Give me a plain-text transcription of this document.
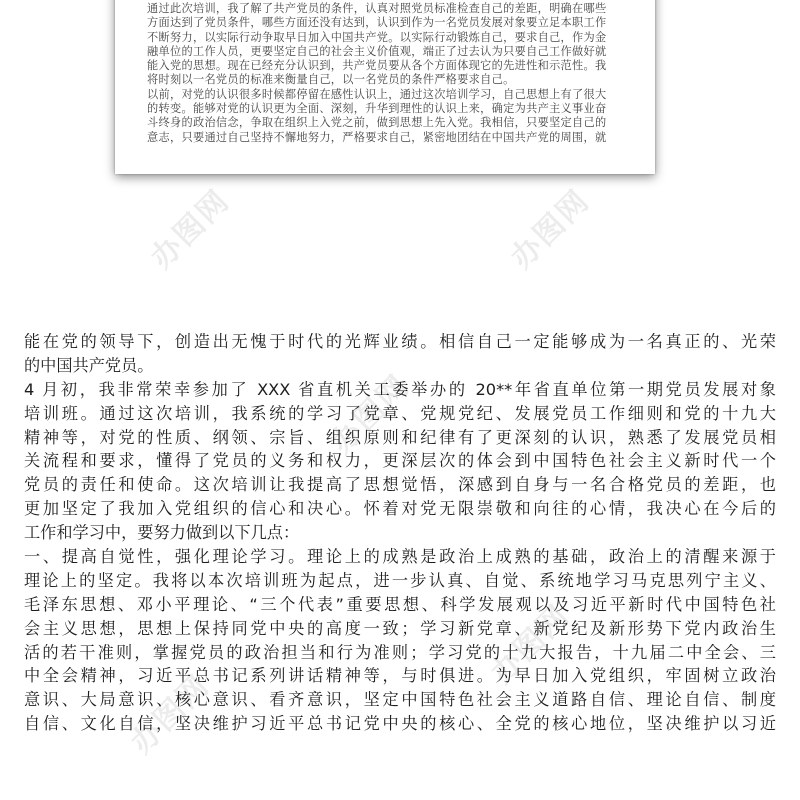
通过此次培训，我了解了共产党员的条件，认真对照党员标准检查自己的差距，明确在哪些
方面达到了党员条件，哪些方面还没有达到，认识到作为一名党员发展对象要立足本职工作
不断努力，以实际行动争取早日加入中国共产党。以实际行动锻炼自己，要求自己，作为金
融单位的工作人员，更要坚定自己的社会主义价值观，端正了过去认为只要自己工作做好就
能入党的思想。现在已经充分认识到，共产党员要从各个方面体现它的先进性和示范性。我
将时刻以一名党员的标准来衡量自己，以一名党员的条件严格要求自己。
以前，对党的认识很多时候都停留在感性认识上，通过这次培训学习，自己思想上有了很大
的转变。能够对党的认识更为全面、深刻，升华到理性的认识上来，确定为共产主义事业奋
斗终身的政治信念，争取在组织上入党之前，做到思想上先入党。我相信，只要坚定自己的
意志，只要通过自己坚持不懈地努力，严格要求自己，紧密地团结在中国共产党的周围，就
办图网	办图网
办图网
办图网
办图网
能在党的领导下，创造出无愧于时代的光辉业绩。相信自己一定能够成为一名真正的、光荣
的中国共产党员。
4 月初，我非常荣幸参加了 XXX 省直机关工委举办的 20**年省直单位第一期党员发展对象
培训班。通过这次培训，我系统的学习了党章、党规党纪、发展党员工作细则和党的十九大
精神等，对党的性质、纲领、宗旨、组织原则和纪律有了更深刻的认识，熟悉了发展党员相
关流程和要求，懂得了党员的义务和权力，更深层次的体会到中国特色社会主义新时代一个
党员的责任和使命。这次培训让我提高了思想觉悟，深感到自身与一名合格党员的差距，也
更加坚定了我加入党组织的信心和决心。怀着对党无限崇敬和向往的心情，我决心在今后的
工作和学习中，要努力做到以下几点：
一、提高自觉性，强化理论学习。理论上的成熟是政治上成熟的基础，政治上的清醒来源于
理论上的坚定。我将以本次培训班为起点，进一步认真、自觉、系统地学习马克思列宁主义、
毛泽东思想、邓小平理论、“三个代表”重要思想、科学发展观以及习近平新时代中国特色社
会主义思想，思想上保持同党中央的高度一致；学习新党章、新党纪及新形势下党内政治生
活的若干准则，掌握党员的政治担当和行为准则；学习党的十九大报告，十九届二中全会、三
中全会精神，习近平总书记系列讲话精神等，与时俱进。为早日加入党组织，牢固树立政治
意识、大局意识、核心意识、看齐意识，坚定中国特色社会主义道路自信、理论自信、制度
自信、文化自信，坚决维护习近平总书记党中央的核心、全党的核心地位，坚决维护以习近
